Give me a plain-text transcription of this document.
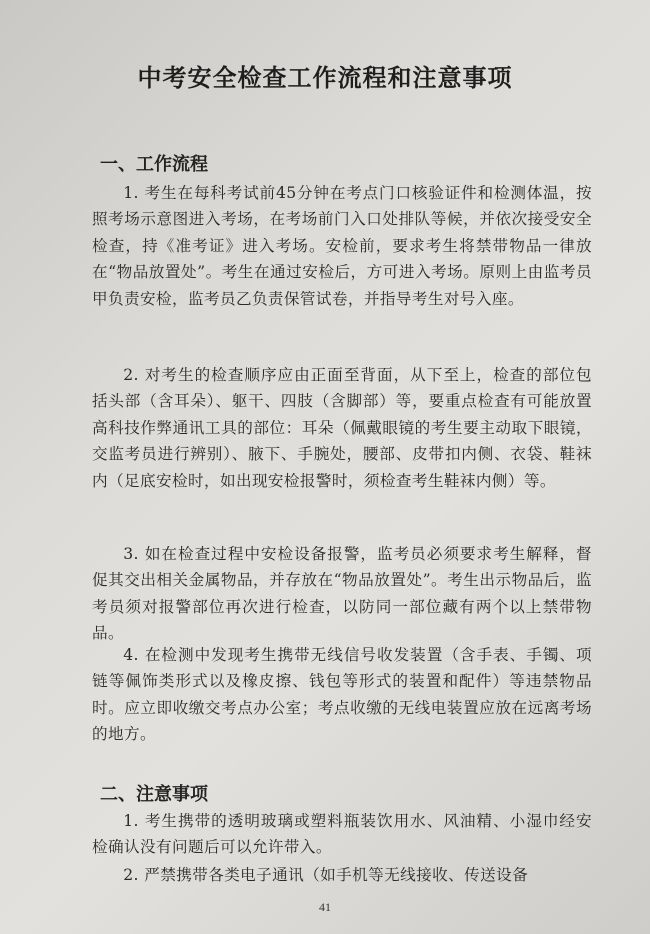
中考安全检查工作流程和注意事项
一、工作流程
1. 考生在每科考试前45分钟在考点门口核验证件和检测体温，按照考场示意图进入考场，在考场前门入口处排队等候，并依次接受安全检查，持《准考证》进入考场。安检前，要求考生将禁带物品一律放在“物品放置处”。考生在通过安检后，方可进入考场。原则上由监考员甲负责安检，监考员乙负责保管试卷，并指导考生对号入座。
2. 对考生的检查顺序应由正面至背面，从下至上，检查的部位包括头部（含耳朵）、躯干、四肢（含脚部）等，要重点检查有可能放置高科技作弊通讯工具的部位：耳朵（佩戴眼镜的考生要主动取下眼镜，交监考员进行辨别）、腋下、手腕处，腰部、皮带扣内侧、衣袋、鞋袜内（足底安检时，如出现安检报警时，须检查考生鞋袜内侧）等。
3. 如在检查过程中安检设备报警，监考员必须要求考生解释，督促其交出相关金属物品，并存放在“物品放置处”。考生出示物品后，监考员须对报警部位再次进行检查，以防同一部位藏有两个以上禁带物品。
4. 在检测中发现考生携带无线信号收发装置（含手表、手镯、项链等佩饰类形式以及橡皮擦、钱包等形式的装置和配件）等违禁物品时。应立即收缴交考点办公室；考点收缴的无线电装置应放在远离考场的地方。
二、注意事项
1. 考生携带的透明玻璃或塑料瓶装饮用水、风油精、小湿巾经安检确认没有问题后可以允许带入。
2. 严禁携带各类电子通讯（如手机等无线接收、传送设备
41
